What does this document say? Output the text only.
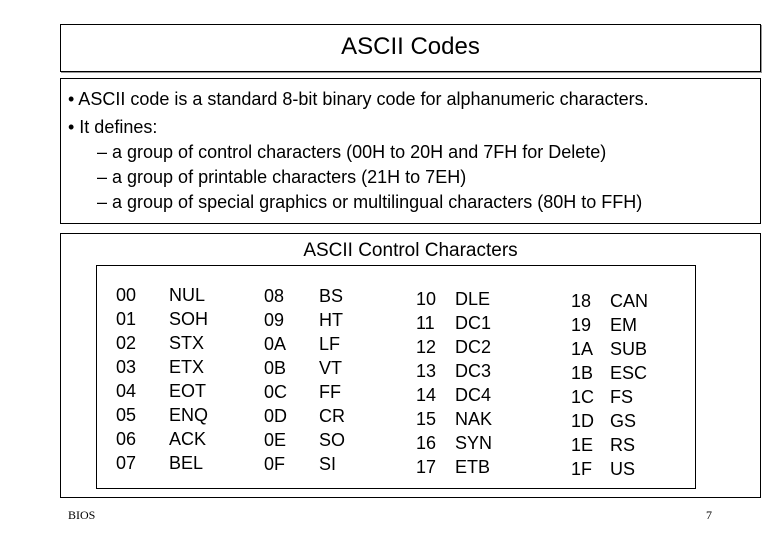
ASCII Codes
• ASCII code is a standard 8-bit binary code for alphanumeric characters.
• It defines:
– a group of control characters (00H to 20H and 7FH for Delete)
– a group of printable characters (21H to 7EH)
– a group of special graphics or multilingual characters (80H to FFH)
ASCII Control Characters
00
01
02
03
04
05
06
07
NUL
SOH
STX
ETX
EOT
ENQ
ACK
BEL
08
09
0A
0B
0C
0D
0E
0F
BS
HT
LF
VT
FF
CR
SO
SI
10
11
12
13
14
15
16
17
DLE
DC1
DC2
DC3
DC4
NAK
SYN
ETB
18
19
1A
1B
1C
1D
1E
1F
CAN
EM
SUB
ESC
FS
GS
RS
US
BIOS	7
